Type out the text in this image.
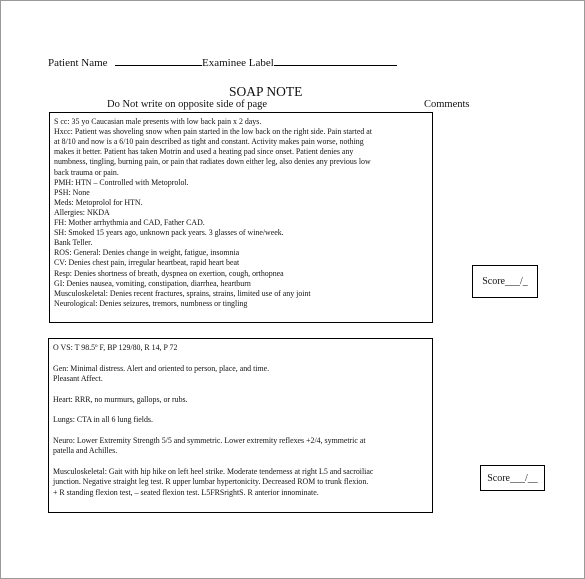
Patient Name	Examinee Label
SOAP NOTE
Do Not write on opposite side of page	Comments
S cc: 35 yo Caucasian male presents with low back pain x 2 days.
Hxcc: Patient was shoveling snow when pain started in the low back on the right side. Pain started at
at 8/10 and now is a 6/10 pain described as tight and constant. Activity makes pain worse, nothing
makes it better. Patient has taken Motrin and used a heating pad since onset. Patient denies any
numbness, tingling, burning pain, or pain that radiates down either leg, also denies any previous low
back trauma or pain.
PMH: HTN – Controlled with Metoprolol.
PSH: None
Meds: Metoprolol for HTN.
Allergies: NKDA
FH: Mother arrhythmia and CAD, Father CAD.
SH: Smoked 15 years ago, unknown pack years. 3 glasses of wine/week.
Bank Teller.
ROS: General: Denies change in weight, fatigue, insomnia
CV: Denies chest pain, irregular heartbeat, rapid heart beat
Resp: Denies shortness of breath, dyspnea on exertion, cough, orthopnea
GI: Denies nausea, vomiting, constipation, diarrhea, heartburn
Musculoskeletal: Denies recent fractures, sprains, strains, limited use of any joint
Neurological: Denies seizures, tremors, numbness or tingling
O VS: T 98.5º F, BP 129/80, R 14, P 72
Gen: Minimal distress. Alert and oriented to person, place, and time.
Pleasant Affect.
Heart: RRR, no murmurs, gallops, or rubs.
Lungs: CTA in all 6 lung fields.
Neuro: Lower Extremity Strength 5/5 and symmetric. Lower extremity reflexes +2/4, symmetric at
patella and Achilles.
Musculoskeletal: Gait with hip hike on left heel strike. Moderate tenderness at right L5 and sacroiliac
junction. Negative straight leg test. R upper lumbar hypertonicity. Decreased ROM to trunk flexion.
+ R standing flexion test, – seated flexion test. L5FRSrightS. R anterior innominate.
Score___/_
Score___/__
